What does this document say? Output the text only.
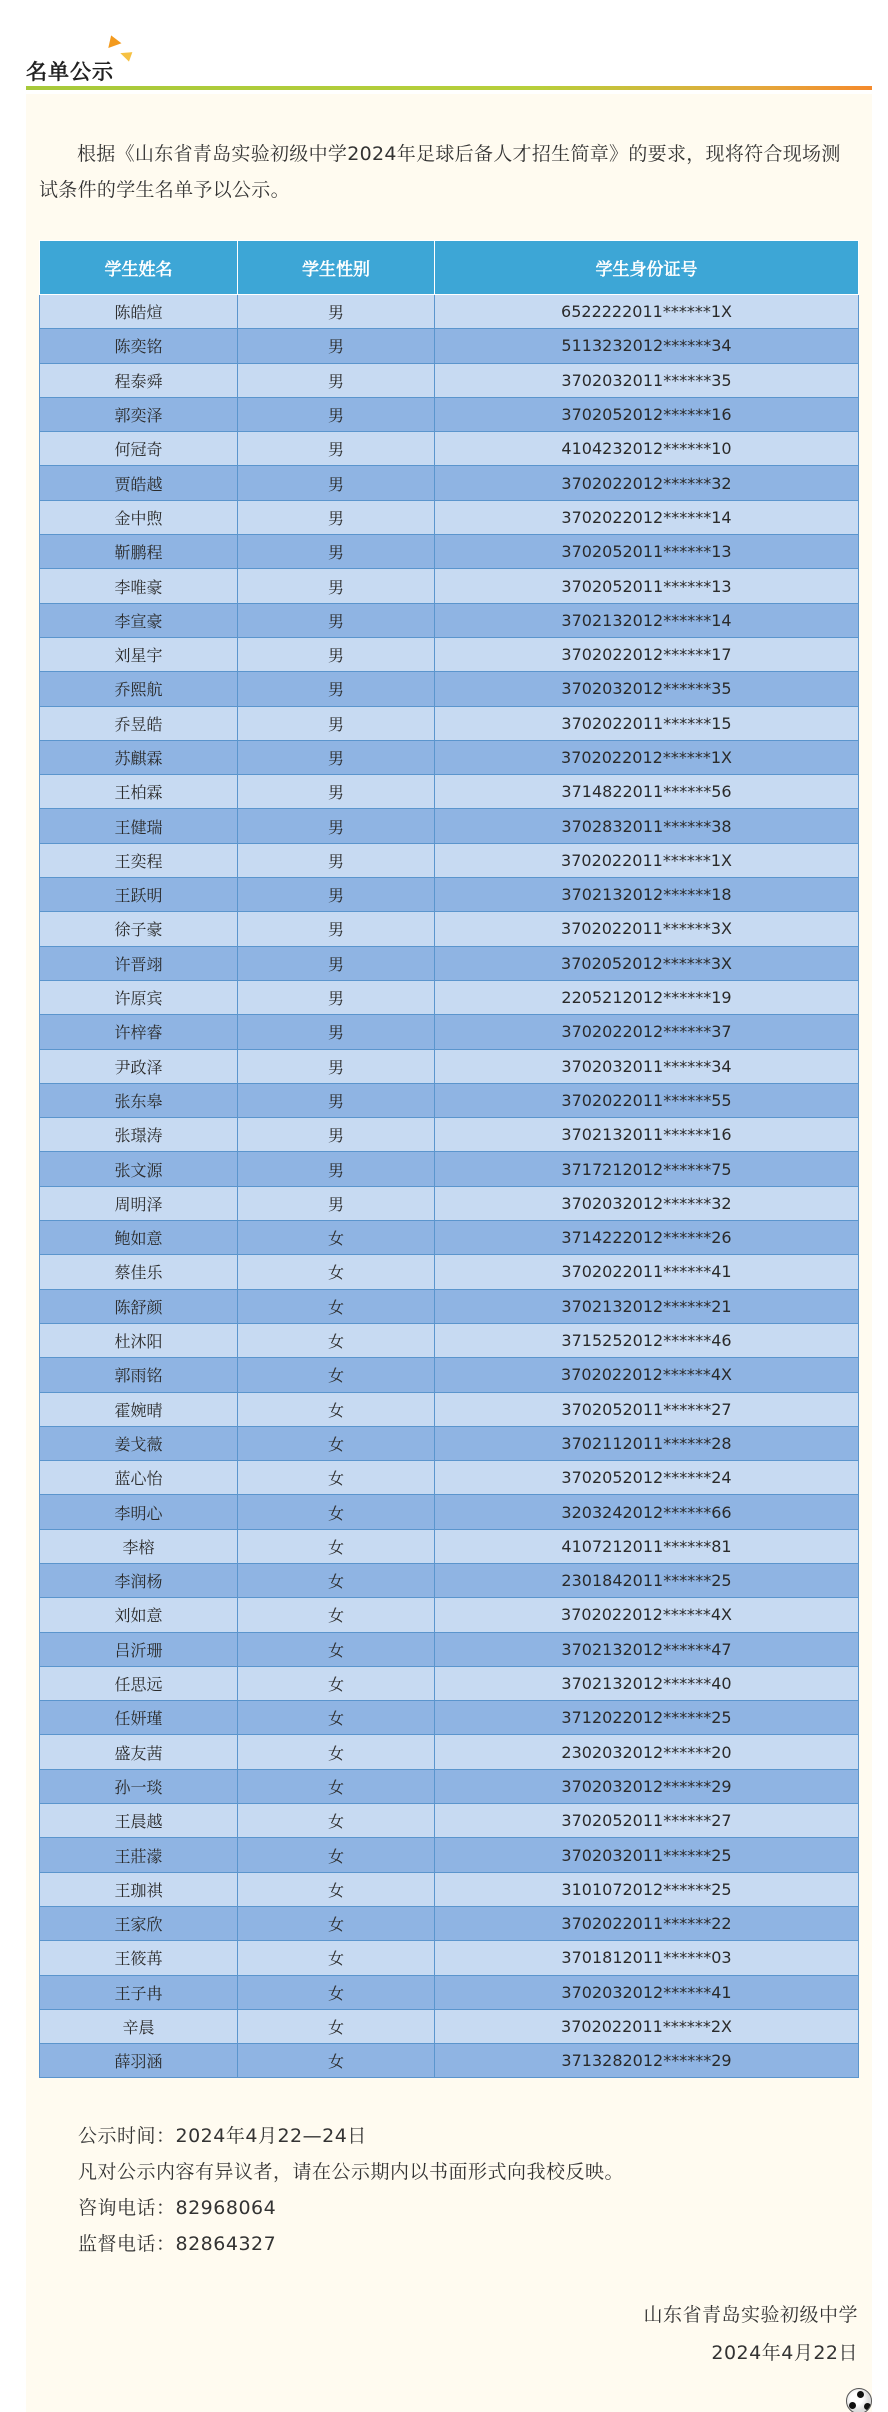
名单公示

根据《山东省青岛实验初级中学2024年足球后备人才招生简章》的要求，现将符合现场测试条件的学生名单予以公示。

学生姓名	学生性别	学生身份证号
陈皓煊	男	6522222011******1X
陈奕铭	男	5113232012******34
程泰舜	男	3702032011******35
郭奕泽	男	3702052012******16
何冠奇	男	4104232012******10
贾皓越	男	3702022012******32
金中煦	男	3702022012******14
靳鹏程	男	3702052011******13
李唯豪	男	3702052011******13
李宣豪	男	3702132012******14
刘星宇	男	3702022012******17
乔熙航	男	3702032012******35
乔昱皓	男	3702022011******15
苏麒霖	男	3702022012******1X
王柏霖	男	3714822011******56
王健瑞	男	3702832011******38
王奕程	男	3702022011******1X
王跃明	男	3702132012******18
徐子豪	男	3702022011******3X
许晋翊	男	3702052012******3X
许原宾	男	2205212012******19
许梓睿	男	3702022012******37
尹政泽	男	3702032011******34
张东皋	男	3702022011******55
张璟涛	男	3702132011******16
张文源	男	3717212012******75
周明泽	男	3702032012******32
鲍如意	女	3714222012******26
蔡佳乐	女	3702022011******41
陈舒颜	女	3702132012******21
杜沐阳	女	3715252012******46
郭雨铭	女	3702022012******4X
霍婉晴	女	3702052011******27
姜戈薇	女	3702112011******28
蓝心怡	女	3702052012******24
李明心	女	3203242012******66
李榕	女	4107212011******81
李润杨	女	2301842011******25
刘如意	女	3702022012******4X
吕沂珊	女	3702132012******47
任思远	女	3702132012******40
任妍瑾	女	3712022012******25
盛友茜	女	2302032012******20
孙一琰	女	3702032012******29
王晨越	女	3702052011******27
王莊濛	女	3702032011******25
王珈祺	女	3101072012******25
王家欣	女	3702022011******22
王筱苒	女	3701812011******03
王子冉	女	3702032012******41
辛晨	女	3702022011******2X
薛羽涵	女	3713282012******29
公示时间：2024年4月22—24日
凡对公示内容有异议者，请在公示期内以书面形式向我校反映。
咨询电话：82968064
监督电话：82864327
山东省青岛实验初级中学
2024年4月22日
